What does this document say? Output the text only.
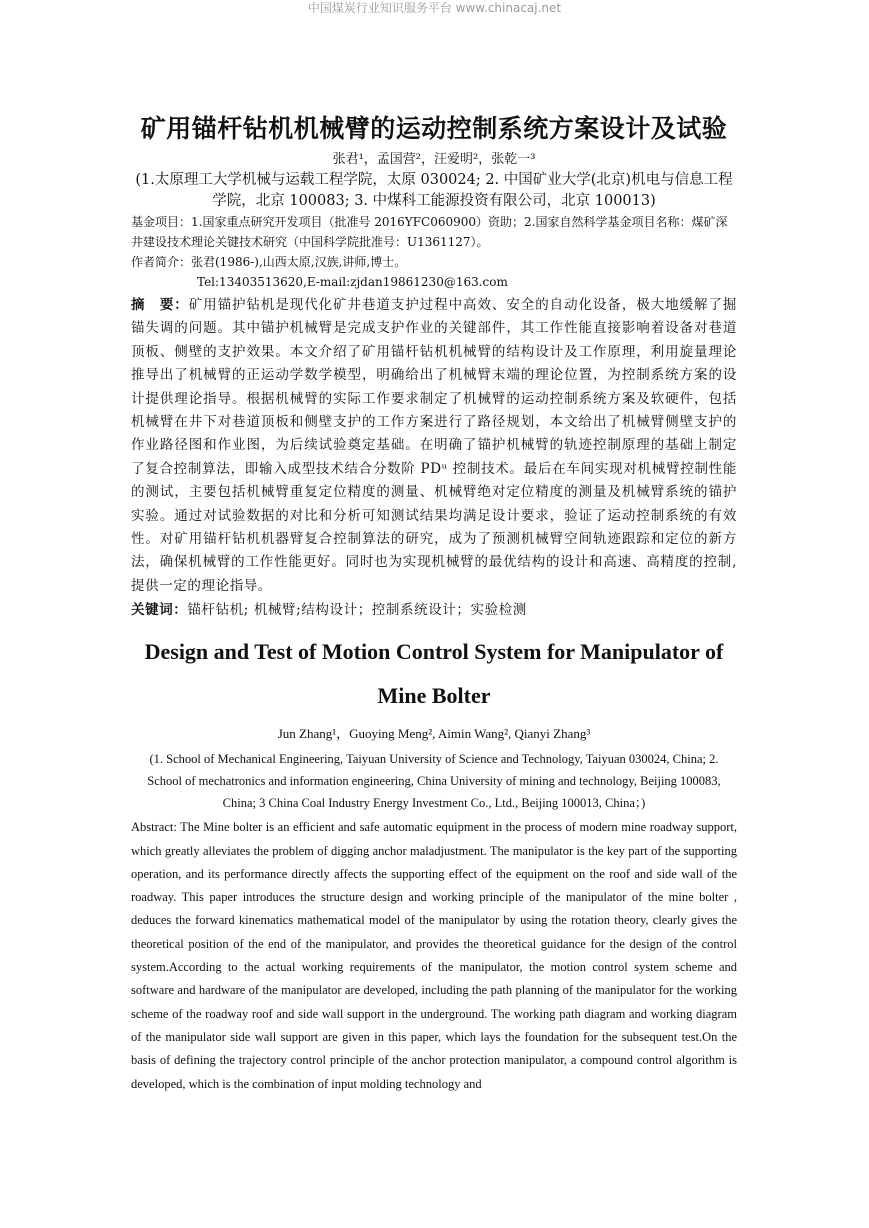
中国煤炭行业知识服务平台 www.chinacaj.net
矿用锚杆钻机机械臂的运动控制系统方案设计及试验
张君¹，孟国营²，汪爱明²，张乾一³
(1.太原理工大学机械与运载工程学院，太原 030024; 2. 中国矿业大学(北京)机电与信息工程学院，北京 100083; 3. 中煤科工能源投资有限公司，北京 100013)
基金项目：1.国家重点研究开发项目（批准号 2016YFC060900）资助；2.国家自然科学基金项目名称：煤矿深井建设技术理论关键技术研究（中国科学院批准号：U1361127）。
作者简介：张君(1986-),山西太原,汉族,讲师,博士。
Tel:13403513620,E-mail:zjdan19861230@163.com
摘　要：矿用锚护钻机是现代化矿井巷道支护过程中高效、安全的自动化设备，极大地缓解了掘锚失调的问题。其中锚护机械臂是完成支护作业的关键部件，其工作性能直接影响着设备对巷道顶板、侧壁的支护效果。本文介绍了矿用锚杆钻机机械臂的结构设计及工作原理，利用旋量理论推导出了机械臂的正运动学数学模型，明确给出了机械臂末端的理论位置，为控制系统方案的设计提供理论指导。根据机械臂的实际工作要求制定了机械臂的运动控制系统方案及软硬件，包括机械臂在井下对巷道顶板和侧壁支护的工作方案进行了路径规划，本文给出了机械臂侧壁支护的作业路径图和作业图，为后续试验奠定基础。在明确了锚护机械臂的轨迹控制原理的基础上制定了复合控制算法，即输入成型技术结合分数阶 PDᵘ 控制技术。最后在车间实现对机械臂控制性能的测试，主要包括机械臂重复定位精度的测量、机械臂绝对定位精度的测量及机械臂系统的锚护实验。通过对试验数据的对比和分析可知测试结果均满足设计要求，验证了运动控制系统的有效性。对矿用锚杆钻机机器臂复合控制算法的研究，成为了预测机械臂空间轨迹跟踪和定位的新方法，确保机械臂的工作性能更好。同时也为实现机械臂的最优结构的设计和高速、高精度的控制,提供一定的理论指导。
关键词：锚杆钻机; 机械臂;结构设计；控制系统设计；实验检测
Design and Test of Motion Control System for Manipulator of
Mine Bolter
Jun Zhang¹，Guoying Meng², Aimin Wang², Qianyi Zhang³
(1. School of Mechanical Engineering, Taiyuan University of Science and Technology, Taiyuan 030024, China; 2. School of mechatronics and information engineering, China University of mining and technology, Beijing 100083, China; 3 China Coal Industry Energy Investment Co., Ltd., Beijing 100013, China；)
Abstract: The Mine bolter is an efficient and safe automatic equipment in the process of modern mine roadway support, which greatly alleviates the problem of digging anchor maladjustment. The manipulator is the key part of the supporting operation, and its performance directly affects the supporting effect of the equipment on the roof and side wall of the roadway. This paper introduces the structure design and working principle of the manipulator of the mine bolter , deduces the forward kinematics mathematical model of the manipulator by using the rotation theory, clearly gives the theoretical position of the end of the manipulator, and provides the theoretical guidance for the design of the control system.According to the actual working requirements of the manipulator, the motion control system scheme and software and hardware of the manipulator are developed, including the path planning of the manipulator for the working scheme of the roadway roof and side wall support in the underground. The working path diagram and working diagram of the manipulator side wall support are given in this paper, which lays the foundation for the subsequent test.On the basis of defining the trajectory control principle of the anchor protection manipulator, a compound control algorithm is developed, which is the combination of input molding technology and
